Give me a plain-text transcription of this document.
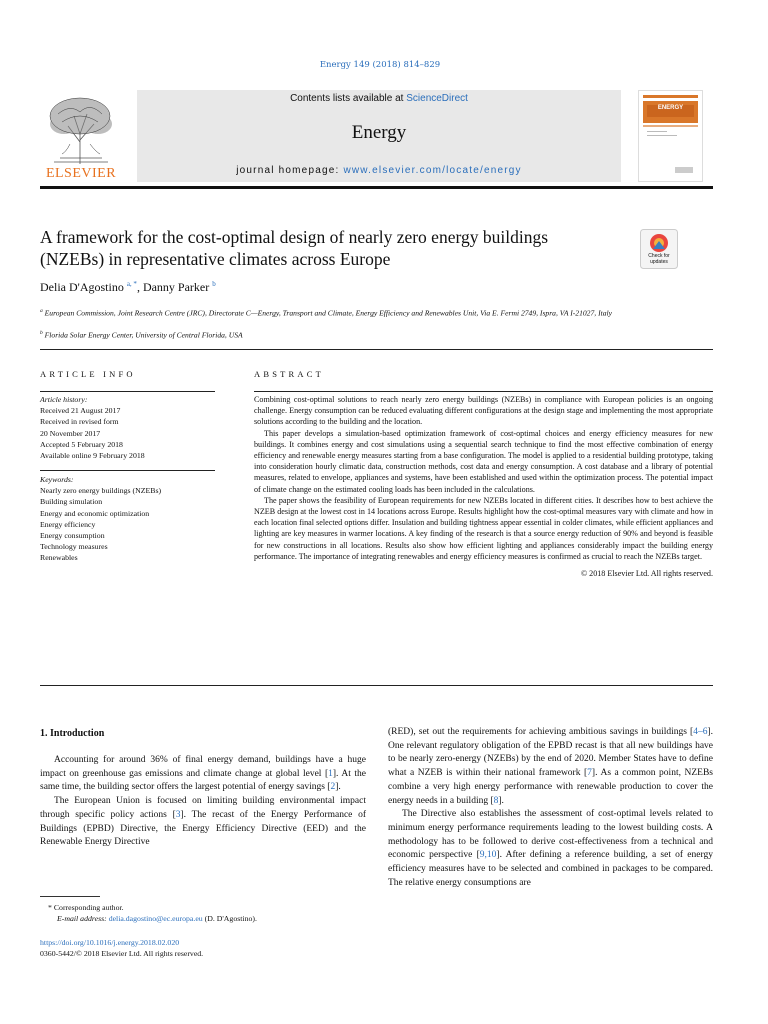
Energy 149 (2018) 814–829
ELSEVIER
Contents lists available at ScienceDirect
Energy
journal homepage: www.elsevier.com/locate/energy
ENERGY
A framework for the cost-optimal design of nearly zero energy buildings (NZEBs) in representative climates across Europe	Check for updates
Delia D'Agostino $^{a, *}$, Danny Parker $^b$
$^a$ European Commission, Joint Research Centre (JRC), Directorate C—Energy, Transport and Climate, Energy Efficiency and Renewables Unit, Via E. Fermi 2749, Ispra, VA I-21027, Italy
$^b$ Florida Solar Energy Center, University of Central Florida, USA
ARTICLE INFO
Article history:
Received 21 August 2017
Received in revised form
20 November 2017
Accepted 5 February 2018
Available online 9 February 2018
Keywords:
Nearly zero energy buildings (NZEBs)
Building simulation
Energy and economic optimization
Energy efficiency
Energy consumption
Technology measures
Renewables
ABSTRACT

Combining cost-optimal solutions to reach nearly zero energy buildings (NZEBs) in compliance with European policies is an ongoing challenge. Energy consumption can be reduced evaluating different configurations at the design stage and implementing the most appropriate solutions according to the building and the location.

This paper develops a simulation-based optimization framework of cost-optimal choices and energy efficiency measures for new buildings. It combines energy and cost simulations using a sequential search technique to find the most effective combination of energy efficiency and renewable energy measures starting from a base configuration. The model is applied to a residential building prototype, taking into consideration hourly climatic data, construction methods, cost data and energy consumption. A cost database and a library of potential measures, related to envelope, appliances and systems, have been established and used within the optimization process. The potential impact of climate change on the estimated cooling loads has been included in the calculations.

The paper shows the feasibility of European requirements for new NZEBs located in different cities. It describes how to best achieve the NZEB design at the lowest cost in 14 locations across Europe. Results highlight how the cost-optimal measures vary with climate and how in each location final selected options differ. Insulation and building tightness appear essential in colder climates, while efficient appliances and lighting are key measures in warmer locations. A key finding of the research is that a source energy reduction of 90% and beyond is feasible for new constructions in all locations. Results also show how efficient lighting and appliances considerably impact the building energy performance. The importance of integrating renewables and energy efficiency measures is confirmed as crucial to reach the NZEBs target.

© 2018 Elsevier Ltd. All rights reserved.
1. Introduction

Accounting for around 36% of final energy demand, buildings have a huge impact on greenhouse gas emissions and climate change at global level [1]. At the same time, the building sector offers the largest potential of energy savings [2].

The European Union is focused on limiting building environmental impact through specific policy actions [3]. The recast of the Energy Performance of Buildings (EPBD) Directive, the Energy Efficiency Directive (EED) and the Renewable Energy Directive

(RED), set out the requirements for achieving ambitious savings in buildings [4–6]. One relevant regulatory obligation of the EPBD recast is that all new buildings have to be nearly zero-energy (NZEBs) by the end of 2020. Member States have to define what a NZEB is within their national framework [7]. As a common point, NZEBs combine a very high energy performance with renewable production to cover the energy needs in a building [8].

The Directive also establishes the assessment of cost-optimal levels related to minimum energy performance requirements leading to the lowest building costs. A methodology has to be followed to derive cost-effectiveness from a technical and economic perspective [9,10]. After defining a reference building, a set of energy efficiency measures have to be selected and combined in packages to be compared. The relative energy consumptions are

* Corresponding author.
E-mail address: delia.dagostino@ec.europa.eu (D. D'Agostino).
https://doi.org/10.1016/j.energy.2018.02.020
0360-5442/© 2018 Elsevier Ltd. All rights reserved.
